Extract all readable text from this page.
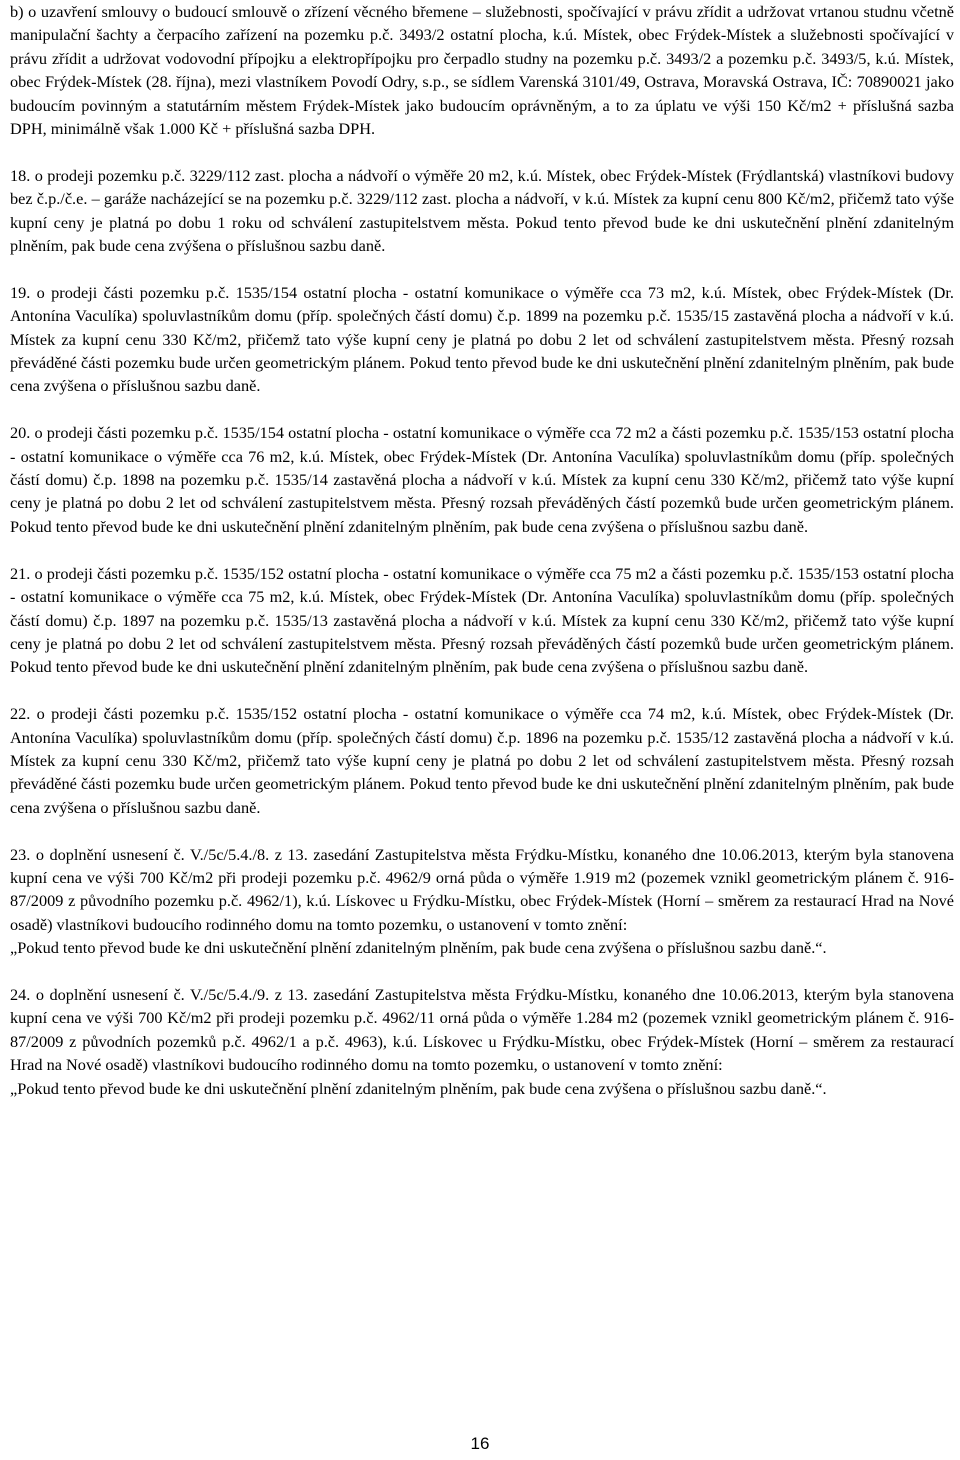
b) o uzavření smlouvy o budoucí smlouvě o zřízení věcného břemene – služebnosti, spočívající v právu zřídit a udržovat vrtanou studnu včetně manipulační šachty a čerpacího zařízení na pozemku p.č. 3493/2 ostatní plocha, k.ú. Místek, obec Frýdek-Místek a služebnosti spočívající v právu zřídit a udržovat vodovodní přípojku a elektropřípojku pro čerpadlo studny na pozemku p.č. 3493/2 a pozemku p.č. 3493/5, k.ú. Místek, obec Frýdek-Místek (28. října), mezi vlastníkem Povodí Odry, s.p., se sídlem Varenská 3101/49, Ostrava, Moravská Ostrava, IČ: 70890021 jako budoucím povinným a statutárním městem Frýdek-Místek jako budoucím oprávněným, a to za úplatu ve výši 150 Kč/m2 + příslušná sazba DPH, minimálně však 1.000 Kč + příslušná sazba DPH.

18. o prodeji pozemku p.č. 3229/112 zast. plocha a nádvoří o výměře 20 m2, k.ú. Místek, obec Frýdek-Místek (Frýdlantská) vlastníkovi budovy bez č.p./č.e. – garáže nacházející se na pozemku p.č. 3229/112 zast. plocha a nádvoří, v k.ú. Místek za kupní cenu 800 Kč/m2, přičemž tato výše kupní ceny je platná po dobu 1 roku od schválení zastupitelstvem města. Pokud tento převod bude ke dni uskutečnění plnění zdanitelným plněním, pak bude cena zvýšena o příslušnou sazbu daně.

19. o prodeji části pozemku p.č. 1535/154 ostatní plocha - ostatní komunikace o výměře cca 73 m2, k.ú. Místek, obec Frýdek-Místek (Dr. Antonína Vaculíka) spoluvlastníkům domu (příp. společných částí domu) č.p. 1899 na pozemku p.č. 1535/15 zastavěná plocha a nádvoří v k.ú. Místek za kupní cenu 330 Kč/m2, přičemž tato výše kupní ceny je platná po dobu 2 let od schválení zastupitelstvem města. Přesný rozsah převáděné části pozemku bude určen geometrickým plánem. Pokud tento převod bude ke dni uskutečnění plnění zdanitelným plněním, pak bude cena zvýšena o příslušnou sazbu daně.

20. o prodeji části pozemku p.č. 1535/154 ostatní plocha - ostatní komunikace o výměře cca 72 m2 a části pozemku p.č. 1535/153 ostatní plocha - ostatní komunikace o výměře cca 76 m2, k.ú. Místek, obec Frýdek-Místek (Dr. Antonína Vaculíka) spoluvlastníkům domu (příp. společných částí domu) č.p. 1898 na pozemku p.č. 1535/14 zastavěná plocha a nádvoří v k.ú. Místek za kupní cenu 330 Kč/m2, přičemž tato výše kupní ceny je platná po dobu 2 let od schválení zastupitelstvem města. Přesný rozsah převáděných částí pozemků bude určen geometrickým plánem. Pokud tento převod bude ke dni uskutečnění plnění zdanitelným plněním, pak bude cena zvýšena o příslušnou sazbu daně.

21. o prodeji části pozemku p.č. 1535/152 ostatní plocha - ostatní komunikace o výměře cca 75 m2 a části pozemku p.č. 1535/153 ostatní plocha - ostatní komunikace o výměře cca 75 m2, k.ú. Místek, obec Frýdek-Místek (Dr. Antonína Vaculíka) spoluvlastníkům domu (příp. společných částí domu) č.p. 1897 na pozemku p.č. 1535/13 zastavěná plocha a nádvoří v k.ú. Místek za kupní cenu 330 Kč/m2, přičemž tato výše kupní ceny je platná po dobu 2 let od schválení zastupitelstvem města. Přesný rozsah převáděných částí pozemků bude určen geometrickým plánem. Pokud tento převod bude ke dni uskutečnění plnění zdanitelným plněním, pak bude cena zvýšena o příslušnou sazbu daně.

22. o prodeji části pozemku p.č. 1535/152 ostatní plocha - ostatní komunikace o výměře cca 74 m2, k.ú. Místek, obec Frýdek-Místek (Dr. Antonína Vaculíka) spoluvlastníkům domu (příp. společných částí domu) č.p. 1896 na pozemku p.č. 1535/12 zastavěná plocha a nádvoří v k.ú. Místek za kupní cenu 330 Kč/m2, přičemž tato výše kupní ceny je platná po dobu 2 let od schválení zastupitelstvem města. Přesný rozsah převáděné části pozemku bude určen geometrickým plánem. Pokud tento převod bude ke dni uskutečnění plnění zdanitelným plněním, pak bude cena zvýšena o příslušnou sazbu daně.

23. o doplnění usnesení č. V./5c/5.4./8. z 13. zasedání Zastupitelstva města Frýdku-Místku, konaného dne 10.06.2013, kterým byla stanovena kupní cena ve výši 700 Kč/m2 při prodeji pozemku p.č. 4962/9 orná půda o výměře 1.919 m2 (pozemek vznikl geometrickým plánem č. 916-87/2009 z původního pozemku p.č. 4962/1), k.ú. Lískovec u Frýdku-Místku, obec Frýdek-Místek (Horní – směrem za restaurací Hrad na Nové osadě) vlastníkovi budoucího rodinného domu na tomto pozemku, o ustanovení v tomto znění:
„Pokud tento převod bude ke dni uskutečnění plnění zdanitelným plněním, pak bude cena zvýšena o příslušnou sazbu daně.“.

24. o doplnění usnesení č. V./5c/5.4./9. z 13. zasedání Zastupitelstva města Frýdku-Místku, konaného dne 10.06.2013, kterým byla stanovena kupní cena ve výši 700 Kč/m2 při prodeji pozemku p.č. 4962/11 orná půda o výměře 1.284 m2 (pozemek vznikl geometrickým plánem č. 916-87/2009 z původních pozemků p.č. 4962/1 a p.č. 4963), k.ú. Lískovec u Frýdku-Místku, obec Frýdek-Místek (Horní – směrem za restaurací Hrad na Nové osadě) vlastníkovi budoucího rodinného domu na tomto pozemku, o ustanovení v tomto znění:
„Pokud tento převod bude ke dni uskutečnění plnění zdanitelným plněním, pak bude cena zvýšena o příslušnou sazbu daně.“.

16
